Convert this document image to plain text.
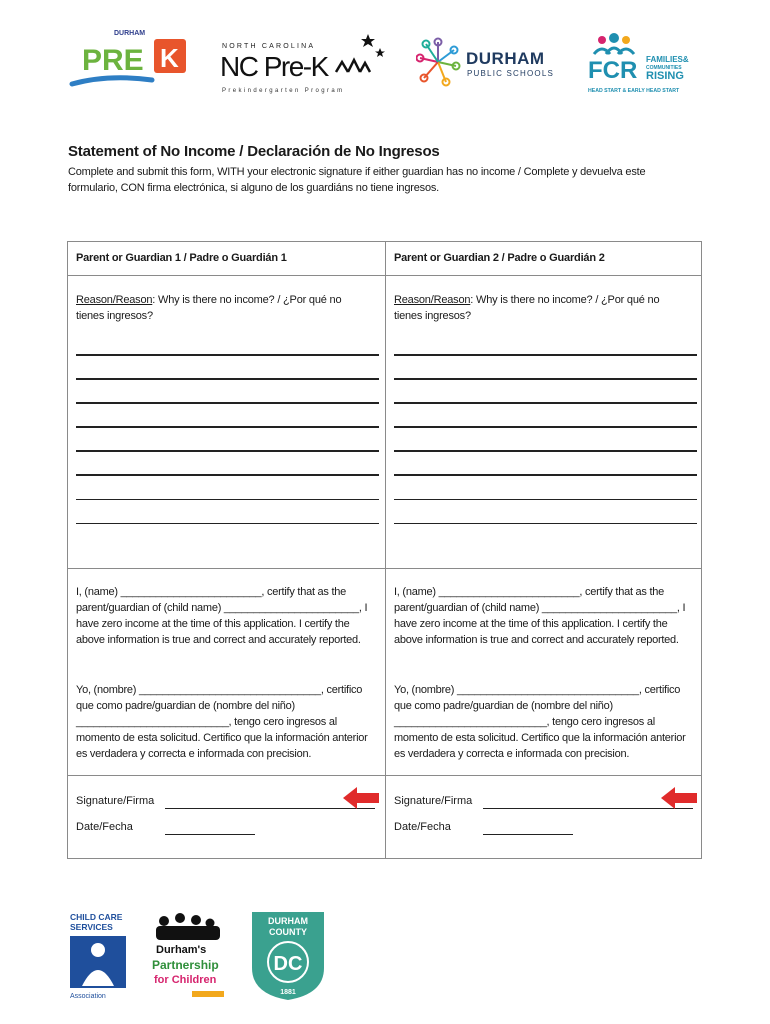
DURHAM
PRE K	NORTH CAROLINA
NC Pre-K
Prekindergarten Program
DURHAM
PUBLIC SCHOOLS FCR FAMILIES&
COMMUNITIES
RISING
HEAD START & EARLY HEAD START
Statement of No Income / Declaración de No Ingresos
Complete and submit this form, WITH your electronic signature if either guardian has no income / Complete y devuelva este formulario, CON firma electrónica, si alguno de los guardiáns no tiene ingresos.
Parent or Guardian 1 / Padre o Guardián 1
Reason/Reason: Why is there no income? / ¿Por qué no tienes ingresos?
I, (name) ________________________, certify that as the parent/guardian of (child name) _______________________, I have zero income at the time of this application. I certify the above information is true and correct and accurately reported.
Yo, (nombre) _______________________________, certifico que como padre/guardian de (nombre del niño) __________________________, tengo cero ingresos al momento de esta solicitud. Certifico que la información anterior es verdadera y correcta e informada con precision.
Signature/Firma
Date/Fecha
Parent or Guardian 2 / Padre o Guardián 2
Reason/Reason: Why is there no income? / ¿Por qué no tienes ingresos?
I, (name) ________________________, certify that as the parent/guardian of (child name) _______________________, I have zero income at the time of this application. I certify the above information is true and correct and accurately reported.
Yo, (nombre) _______________________________, certifico que como padre/guardian de (nombre del niño) __________________________, tengo cero ingresos al momento de esta solicitud. Certifico que la información anterior es verdadera y correcta e informada con precision.
Signature/Firma
Date/Fecha
CHILD CARE
SERVICES
Association
Durham's
Partnership
for Children
DURHAM
COUNTY
DC
1881
